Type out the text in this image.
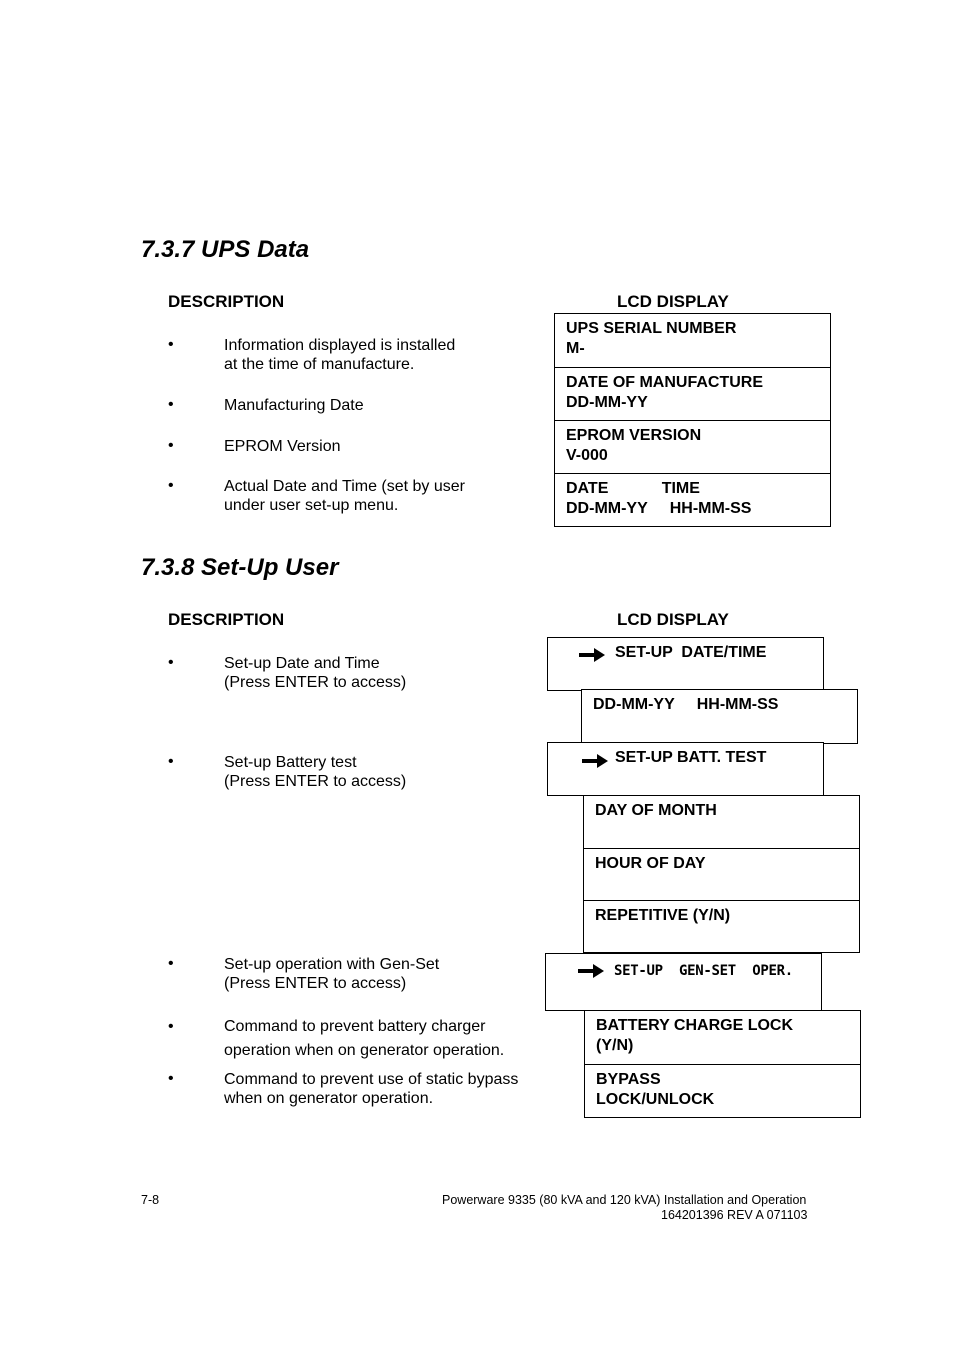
7.3.7 UPS Data
DESCRIPTION	LCD DISPLAY
•	Information displayed is installed
at the time of manufacture.
•	Manufacturing Date
•	EPROM Version
•	Actual Date and Time (set by user
under user set-up menu.
UPS SERIAL NUMBER
M-
DATE OF MANUFACTURE
DD-MM-YY
EPROM VERSION
V-000
DATE            TIME
DD-MM-YY     HH-MM-SS
7.3.8 Set-Up User
DESCRIPTION	LCD DISPLAY
•	Set-up Date and Time
(Press ENTER to access)
•	Set-up Battery test
(Press ENTER to access)
•	Set-up operation with Gen-Set
(Press ENTER to access)
•	Command to prevent battery charger
operation when on generator operation.
•	Command to prevent use of static bypass
when on generator operation.
SET-UP  DATE/TIME
DD-MM-YY     HH-MM-SS
SET-UP BATT. TEST
DAY OF MONTH
HOUR OF DAY
REPETITIVE (Y/N)
SET-UP  GEN-SET  OPER.
BATTERY CHARGE LOCK
(Y/N)
BYPASS
LOCK/UNLOCK
7-8	Powerware 9335 (80 kVA and 120 kVA) Installation and Operation
164201396 REV A 071103
